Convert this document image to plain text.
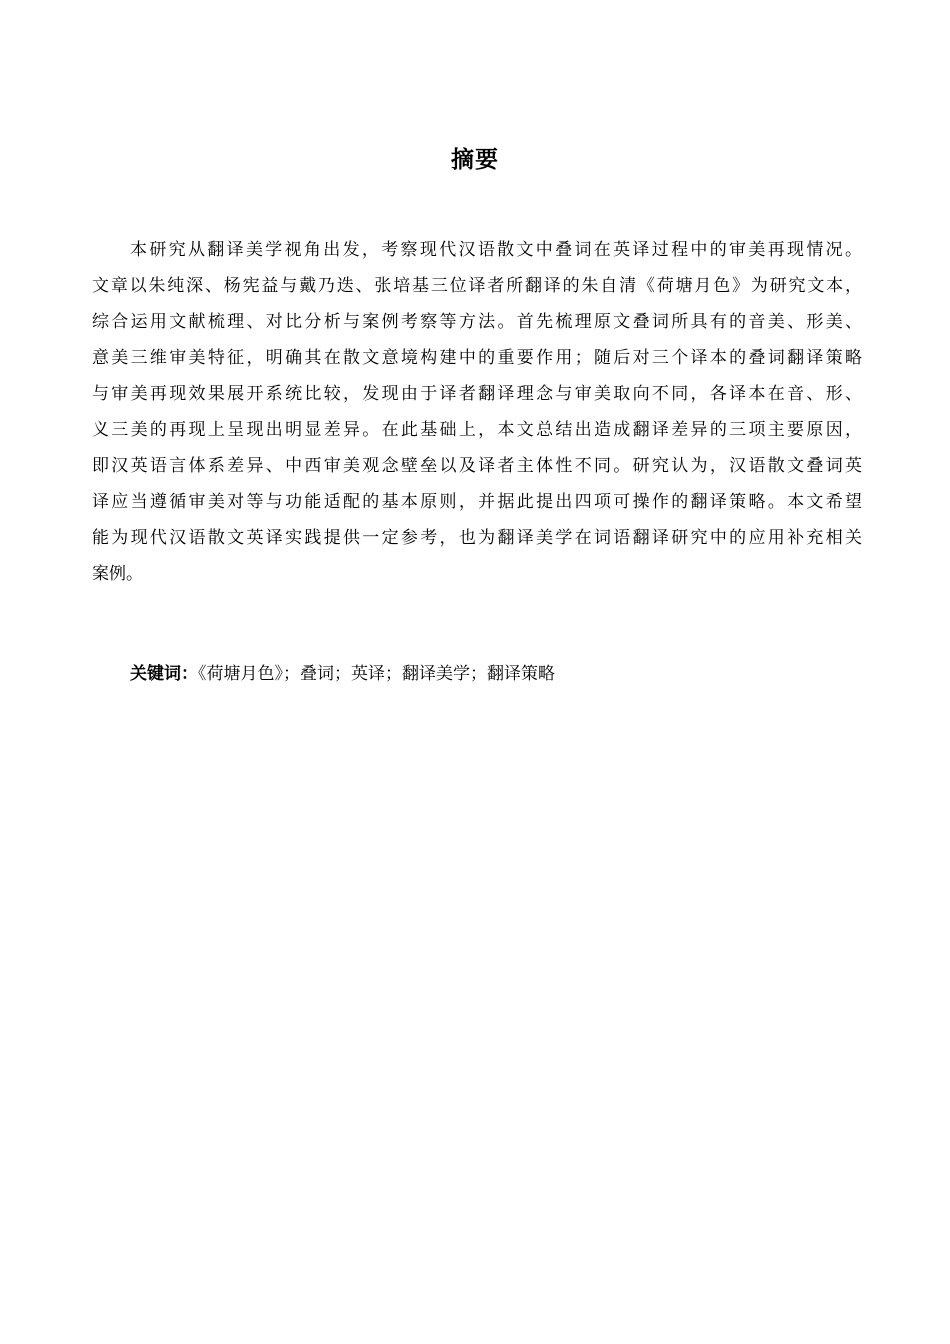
摘要
本研究从翻译美学视角出发，考察现代汉语散文中叠词在英译过程中的审美再现情况。
文章以朱纯深、杨宪益与戴乃迭、张培基三位译者所翻译的朱自清《荷塘月色》为研究文本，
综合运用文献梳理、对比分析与案例考察等方法。首先梳理原文叠词所具有的音美、形美、
意美三维审美特征，明确其在散文意境构建中的重要作用；随后对三个译本的叠词翻译策略
与审美再现效果展开系统比较，发现由于译者翻译理念与审美取向不同，各译本在音、形、
义三美的再现上呈现出明显差异。在此基础上，本文总结出造成翻译差异的三项主要原因，
即汉英语言体系差异、中西审美观念壁垒以及译者主体性不同。研究认为，汉语散文叠词英
译应当遵循审美对等与功能适配的基本原则，并据此提出四项可操作的翻译策略。本文希望
能为现代汉语散文英译实践提供一定参考，也为翻译美学在词语翻译研究中的应用补充相关
案例。
关键词：《荷塘月色》；叠词；英译；翻译美学；翻译策略
